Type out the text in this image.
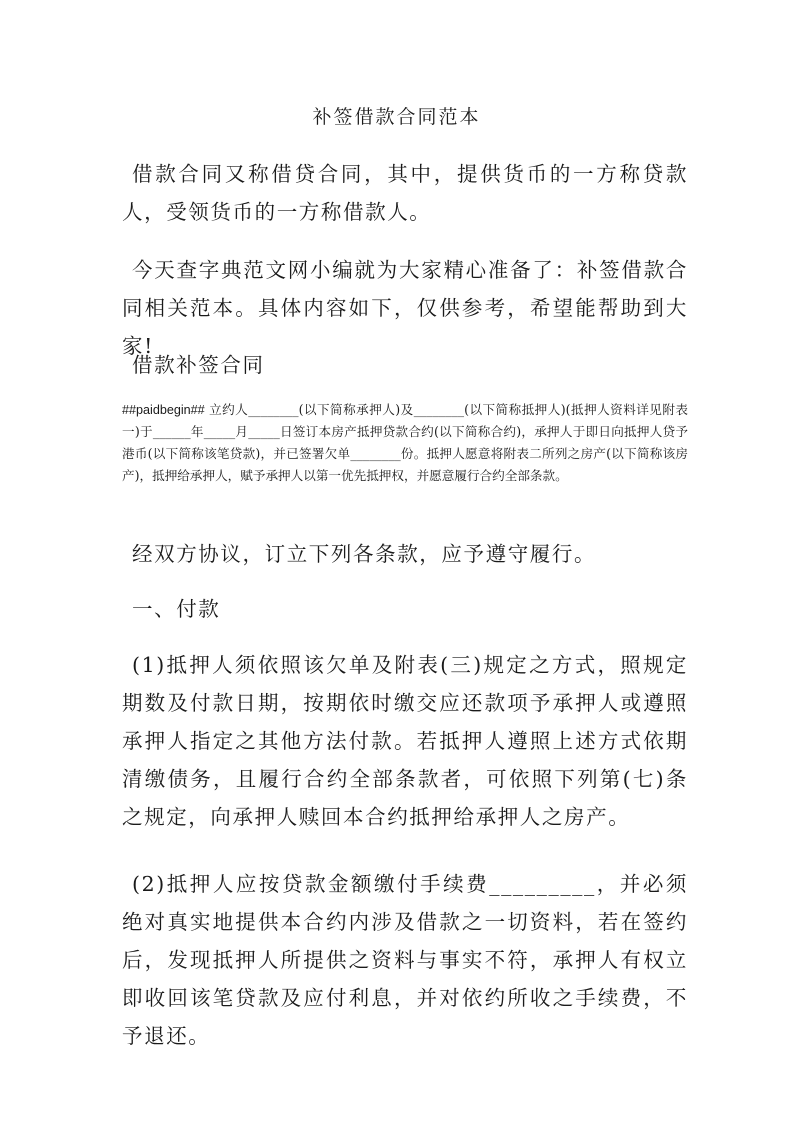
补签借款合同范本

借款合同又称借贷合同，其中，提供货币的一方称贷款人，受领货币的一方称借款人。

今天查字典范文网小编就为大家精心准备了：补签借款合同相关范本。具体内容如下，仅供参考，希望能帮助到大家!

借款补签合同

##paidbegin## 立约人________(以下简称承押人)及________(以下简称抵押人)(抵押人资料详见附表一)于______年_____月_____日签订本房产抵押贷款合约(以下简称合约)，承押人于即日向抵押人贷予港币(以下简称该笔贷款)，并已签署欠单________份。抵押人愿意将附表二所列之房产(以下简称该房产)，抵押给承押人，赋予承押人以第一优先抵押权，并愿意履行合约全部条款。

经双方协议，订立下列各条款，应予遵守履行。

一、付款

(1)抵押人须依照该欠单及附表(三)规定之方式，照规定期数及付款日期，按期依时缴交应还款项予承押人或遵照承押人指定之其他方法付款。若抵押人遵照上述方式依期清缴债务，且履行合约全部条款者，可依照下列第(七)条之规定，向承押人赎回本合约抵押给承押人之房产。

(2)抵押人应按贷款金额缴付手续费_________，并必须绝对真实地提供本合约内涉及借款之一切资料，若在签约后，发现抵押人所提供之资料与事实不符，承押人有权立即收回该笔贷款及应付利息，并对依约所收之手续费，不予退还。
